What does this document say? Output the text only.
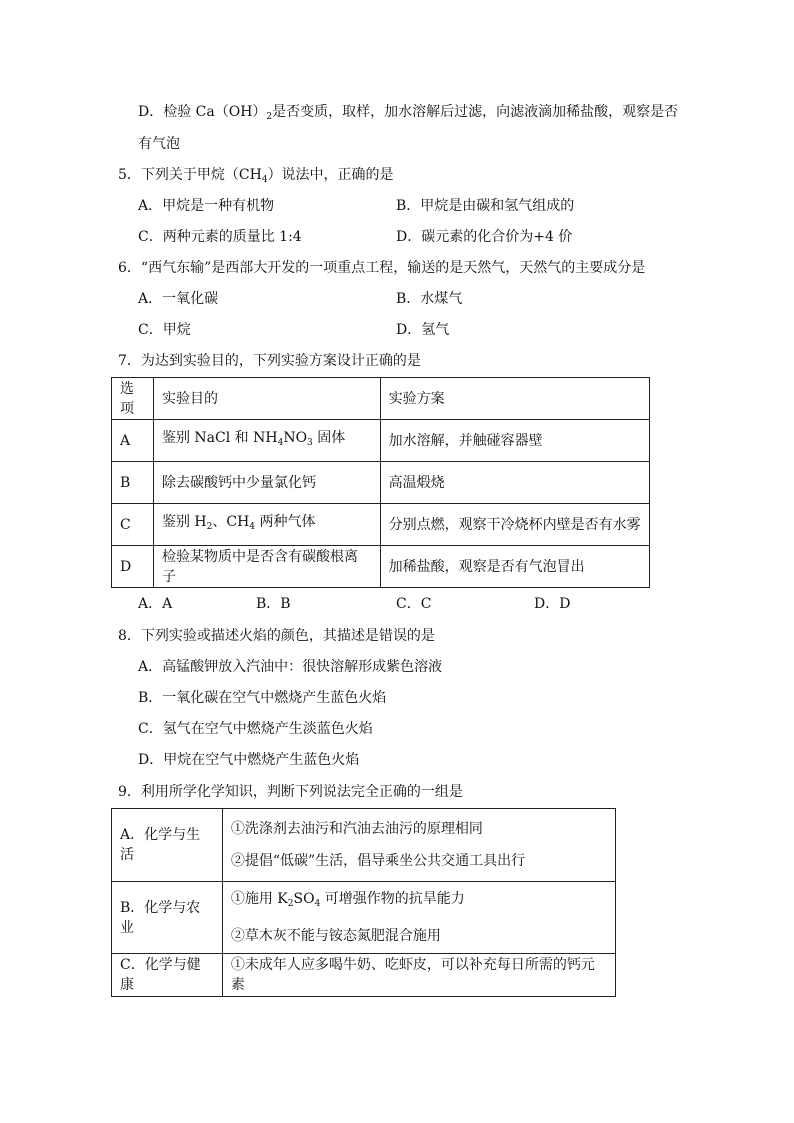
D．检验 $Ca(OH)_2$是否变质，取样，加水溶解后过滤，向滤液滴加稀盐酸，观察是否
有气泡
5．下列关于甲烷$(CH_4)$说法中，正确的是
A．甲烷是一种有机物	B．甲烷是由碳和氢气组成的
C．两种元素的质量比 1:4	D．碳元素的化合价为+4 价
6．“西气东输”是西部大开发的一项重点工程，输送的是天然气，天然气的主要成分是
A．一氧化碳	B．水煤气
C．甲烷	D．氢气
7．为达到实验目的，下列实验方案设计正确的是
选项	实验目的	实验方案
A	鉴别 NaCl 和 $NH_4NO_3$ 固体	加水溶解，并触碰容器壁
B	除去碳酸钙中少量氯化钙	高温煅烧
C	鉴别 $H_2$、$CH_4$ 两种气体	分别点燃，观察干冷烧杯内壁是否有水雾
D	检验某物质中是否含有碳酸根离子	加稀盐酸，观察是否有气泡冒出
A．A	B．B	C．C	D．D
8．下列实验或描述火焰的颜色，其描述是错误的是
A．高锰酸钾放入汽油中：很快溶解形成紫色溶液
B．一氧化碳在空气中燃烧产生蓝色火焰
C．氢气在空气中燃烧产生淡蓝色火焰
D．甲烷在空气中燃烧产生蓝色火焰
9．利用所学化学知识，判断下列说法完全正确的一组是
A．化学与生活	①洗涤剂去油污和汽油去油污的原理相同
②提倡“低碳”生活，倡导乘坐公共交通工具出行

B．化学与农业	①施用 $K_2SO_4$ 可增强作物的抗旱能力
②草木灰不能与铵态氮肥混合施用

C．化学与健康	①未成年人应多喝牛奶、吃虾皮，可以补充每日所需的钙元素
